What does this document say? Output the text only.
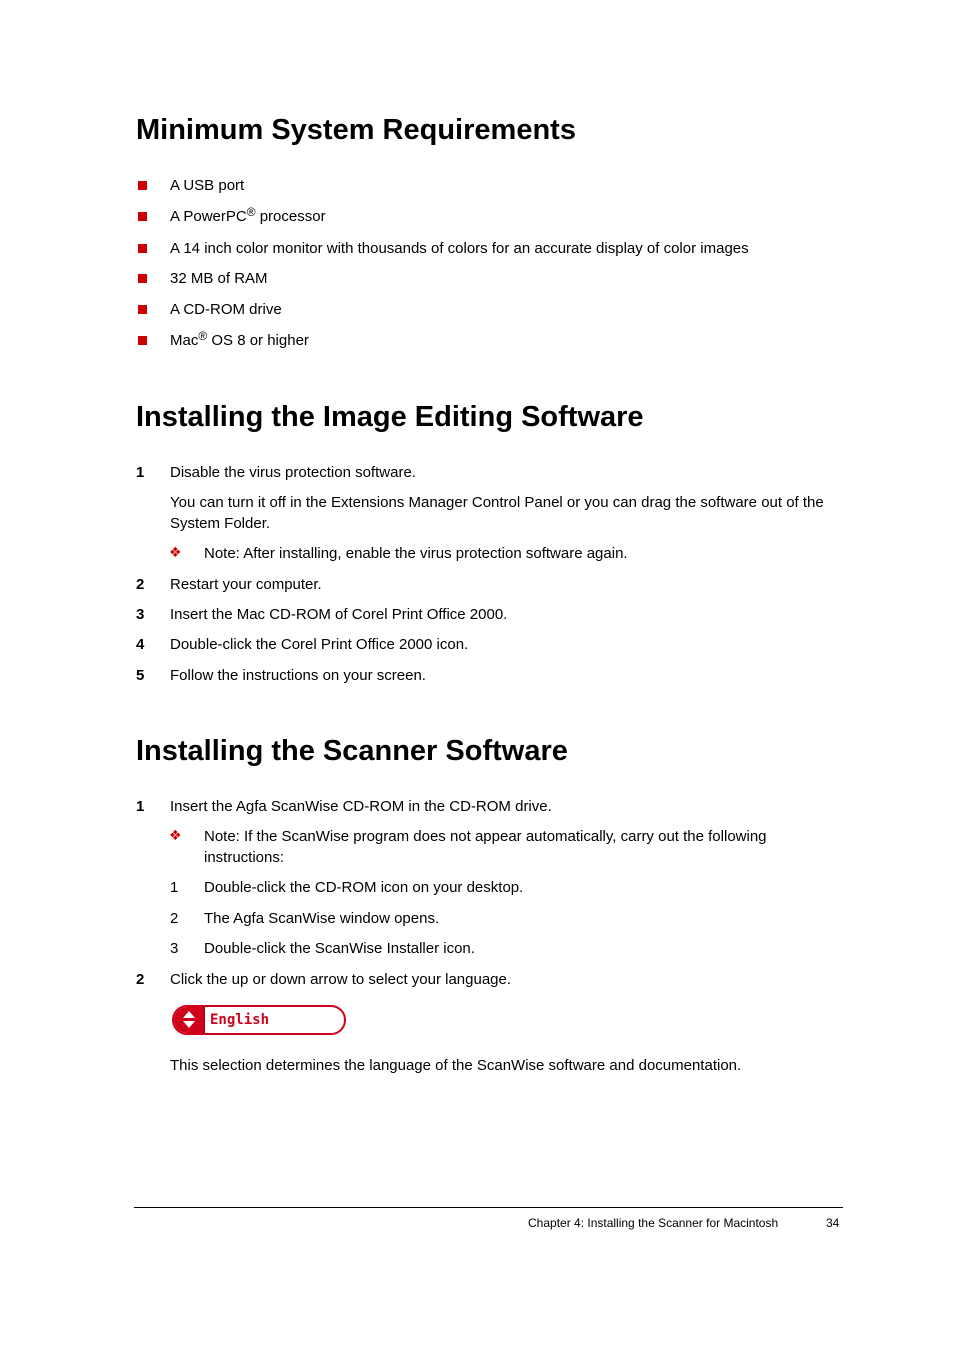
Minimum System Requirements
A USB port
A PowerPC® processor
A 14 inch color monitor with thousands of colors for an accurate display of color images
32 MB of RAM
A CD-ROM drive
Mac® OS 8 or higher
Installing the Image Editing Software
1 Disable the virus protection software.
You can turn it off in the Extensions Manager Control Panel or you can drag the software out of the System Folder.
❖ Note: After installing, enable the virus protection software again.
2 Restart your computer.
3 Insert the Mac CD-ROM of Corel Print Office 2000.
4 Double-click the Corel Print Office 2000 icon.
5 Follow the instructions on your screen.
Installing the Scanner Software
1 Insert the Agfa ScanWise CD-ROM in the CD-ROM drive.
❖ Note: If the ScanWise program does not appear automatically, carry out the following instructions:
1 Double-click the CD-ROM icon on your desktop.
2 The Agfa ScanWise window opens.
3 Double-click the ScanWise Installer icon.
2 Click the up or down arrow to select your language.
English
This selection determines the language of the ScanWise software and documentation.
Chapter 4: Installing the Scanner for Macintosh	34
